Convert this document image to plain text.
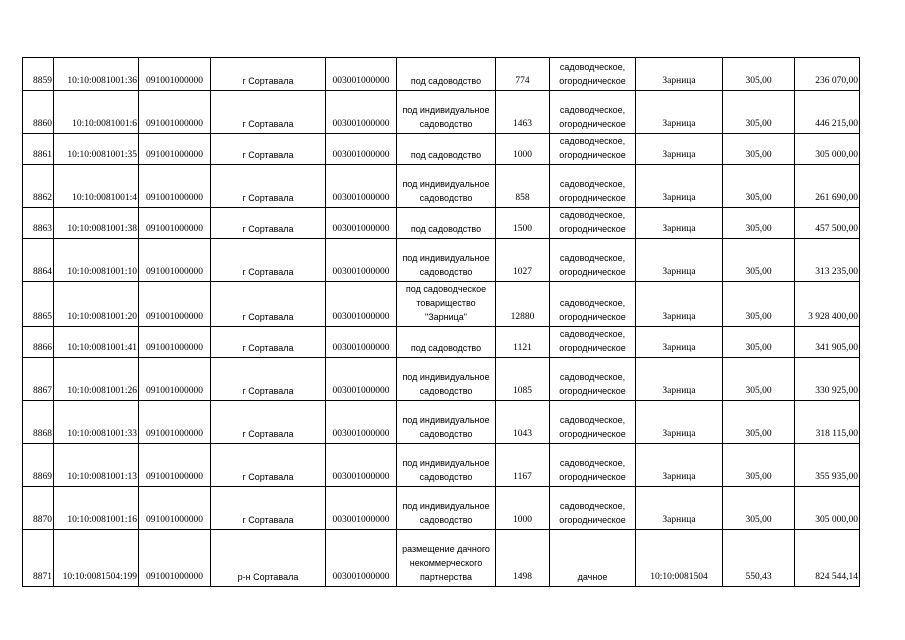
8859	10:10:0081001:36	091001000000	г Сортавала	003001000000	под садоводство	774	садоводческое,
огородническое	Зарница	305,00	236 070,00
8860	10:10:0081001:6	091001000000	г Сортавала	003001000000	под индивидуальное
садоводство	1463	садоводческое,
огородническое	Зарница	305,00	446 215,00
8861	10:10:0081001:35	091001000000	г Сортавала	003001000000	под садоводство	1000	садоводческое,
огородническое	Зарница	305,00	305 000,00
8862	10:10:0081001:4	091001000000	г Сортавала	003001000000	под индивидуальное
садоводство	858	садоводческое,
огородническое	Зарница	305,00	261 690,00
8863	10:10:0081001:38	091001000000	г Сортавала	003001000000	под садоводство	1500	садоводческое,
огородническое	Зарница	305,00	457 500,00
8864	10:10:0081001:10	091001000000	г Сортавала	003001000000	под индивидуальное
садоводство	1027	садоводческое,
огородническое	Зарница	305,00	313 235,00
8865	10:10:0081001:20	091001000000	г Сортавала	003001000000	под садоводческое
товарищество
"Зарница"	12880	садоводческое,
огородническое	Зарница	305,00	3 928 400,00
8866	10:10:0081001:41	091001000000	г Сортавала	003001000000	под садоводство	1121	садоводческое,
огородническое	Зарница	305,00	341 905,00
8867	10:10:0081001:26	091001000000	г Сортавала	003001000000	под индивидуальное
садоводство	1085	садоводческое,
огородническое	Зарница	305,00	330 925,00
8868	10:10:0081001:33	091001000000	г Сортавала	003001000000	под индивидуальное
садоводство	1043	садоводческое,
огородническое	Зарница	305,00	318 115,00
8869	10:10:0081001:13	091001000000	г Сортавала	003001000000	под индивидуальное
садоводство	1167	садоводческое,
огородническое	Зарница	305,00	355 935,00
8870	10:10:0081001:16	091001000000	г Сортавала	003001000000	под индивидуальное
садоводство	1000	садоводческое,
огородническое	Зарница	305,00	305 000,00
8871	10:10:0081504:199	091001000000	р-н Сортавала	003001000000	размещение дачного
некоммерческого
партнерства	1498	дачное	10:10:0081504	550,43	824 544,14
